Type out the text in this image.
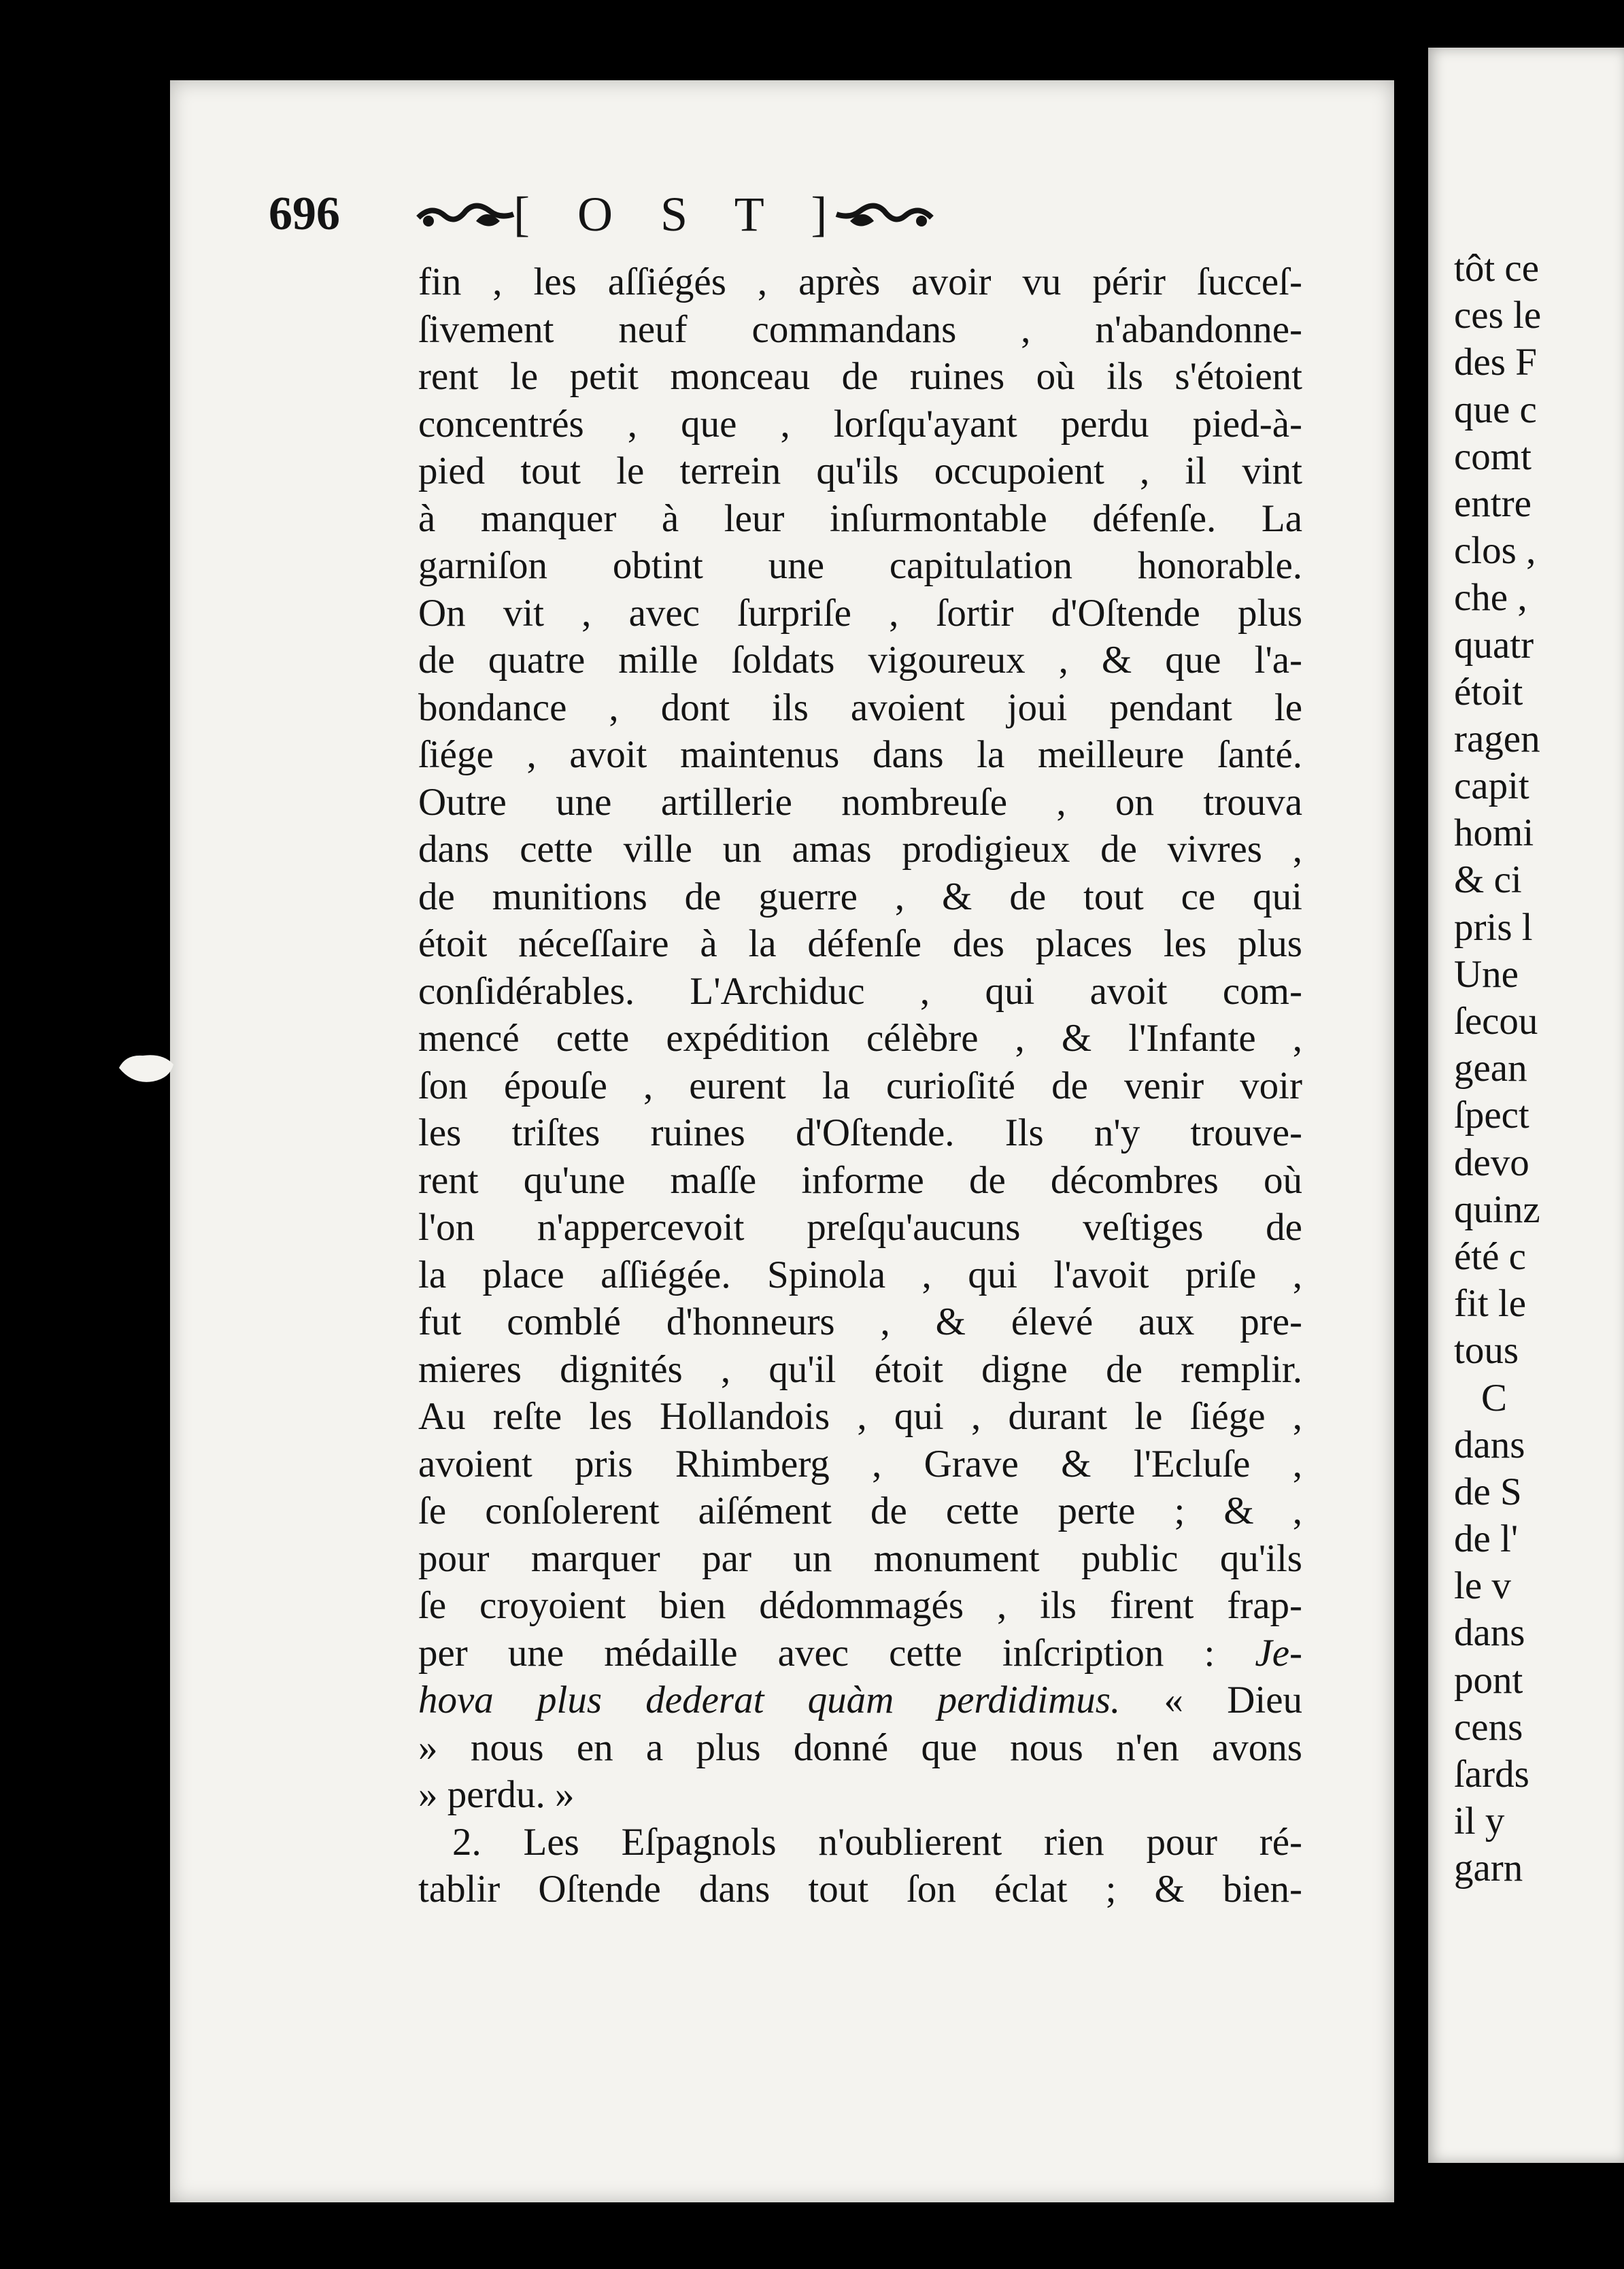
696	[ O S T ]
fin , les aſſiégés , après avoir vu périr ſucceſ-
ſivement neuf commandans , n'abandonne-
rent le petit monceau de ruines où ils s'étoient
concentrés , que , lorſqu'ayant perdu pied-à-
pied tout le terrein qu'ils occupoient , il vint
à manquer à leur inſurmontable défenſe. La
garniſon obtint une capitulation honorable.
On vit , avec ſurpriſe , ſortir d'Oſtende plus
de quatre mille ſoldats vigoureux , & que l'a-
bondance , dont ils avoient joui pendant le
ſiége , avoit maintenus dans la meilleure ſanté.
Outre une artillerie nombreuſe , on trouva
dans cette ville un amas prodigieux de vivres ,
de munitions de guerre , & de tout ce qui
étoit néceſſaire à la défenſe des places les plus
conſidérables. L'Archiduc , qui avoit com-
mencé cette expédition célèbre , & l'Infante ,
ſon épouſe , eurent la curioſité de venir voir
les triſtes ruines d'Oſtende. Ils n'y trouve-
rent qu'une maſſe informe de décombres où
l'on n'appercevoit preſqu'aucuns veſtiges de
la place aſſiégée. Spinola , qui l'avoit priſe ,
fut comblé d'honneurs , & élevé aux pre-
mieres dignités , qu'il étoit digne de remplir.
Au reſte les Hollandois , qui , durant le ſiége ,
avoient pris Rhimberg , Grave & l'Ecluſe ,
ſe conſolerent aiſément de cette perte ; & ,
pour marquer par un monument public qu'ils
ſe croyoient bien dédommagés , ils firent frap-
per une médaille avec cette inſcription : Je-
hova plus dederat quàm perdidimus. « Dieu
» nous en a plus donné que nous n'en avons
» perdu. »
2. Les Eſpagnols n'oublierent rien pour ré-
tablir Oſtende dans tout ſon éclat ; & bien-
tôt ce
ces le
des F
que c
comt
entre
clos ,
che ,
quatr
étoit
ragen
capit
homi
& ci
pris l
Une
ſecou
gean
ſpect
devo
quinz
été c
fit le
tous
C
dans
de S
de l'
le v
dans
pont
cens
ſards
il y
garn
